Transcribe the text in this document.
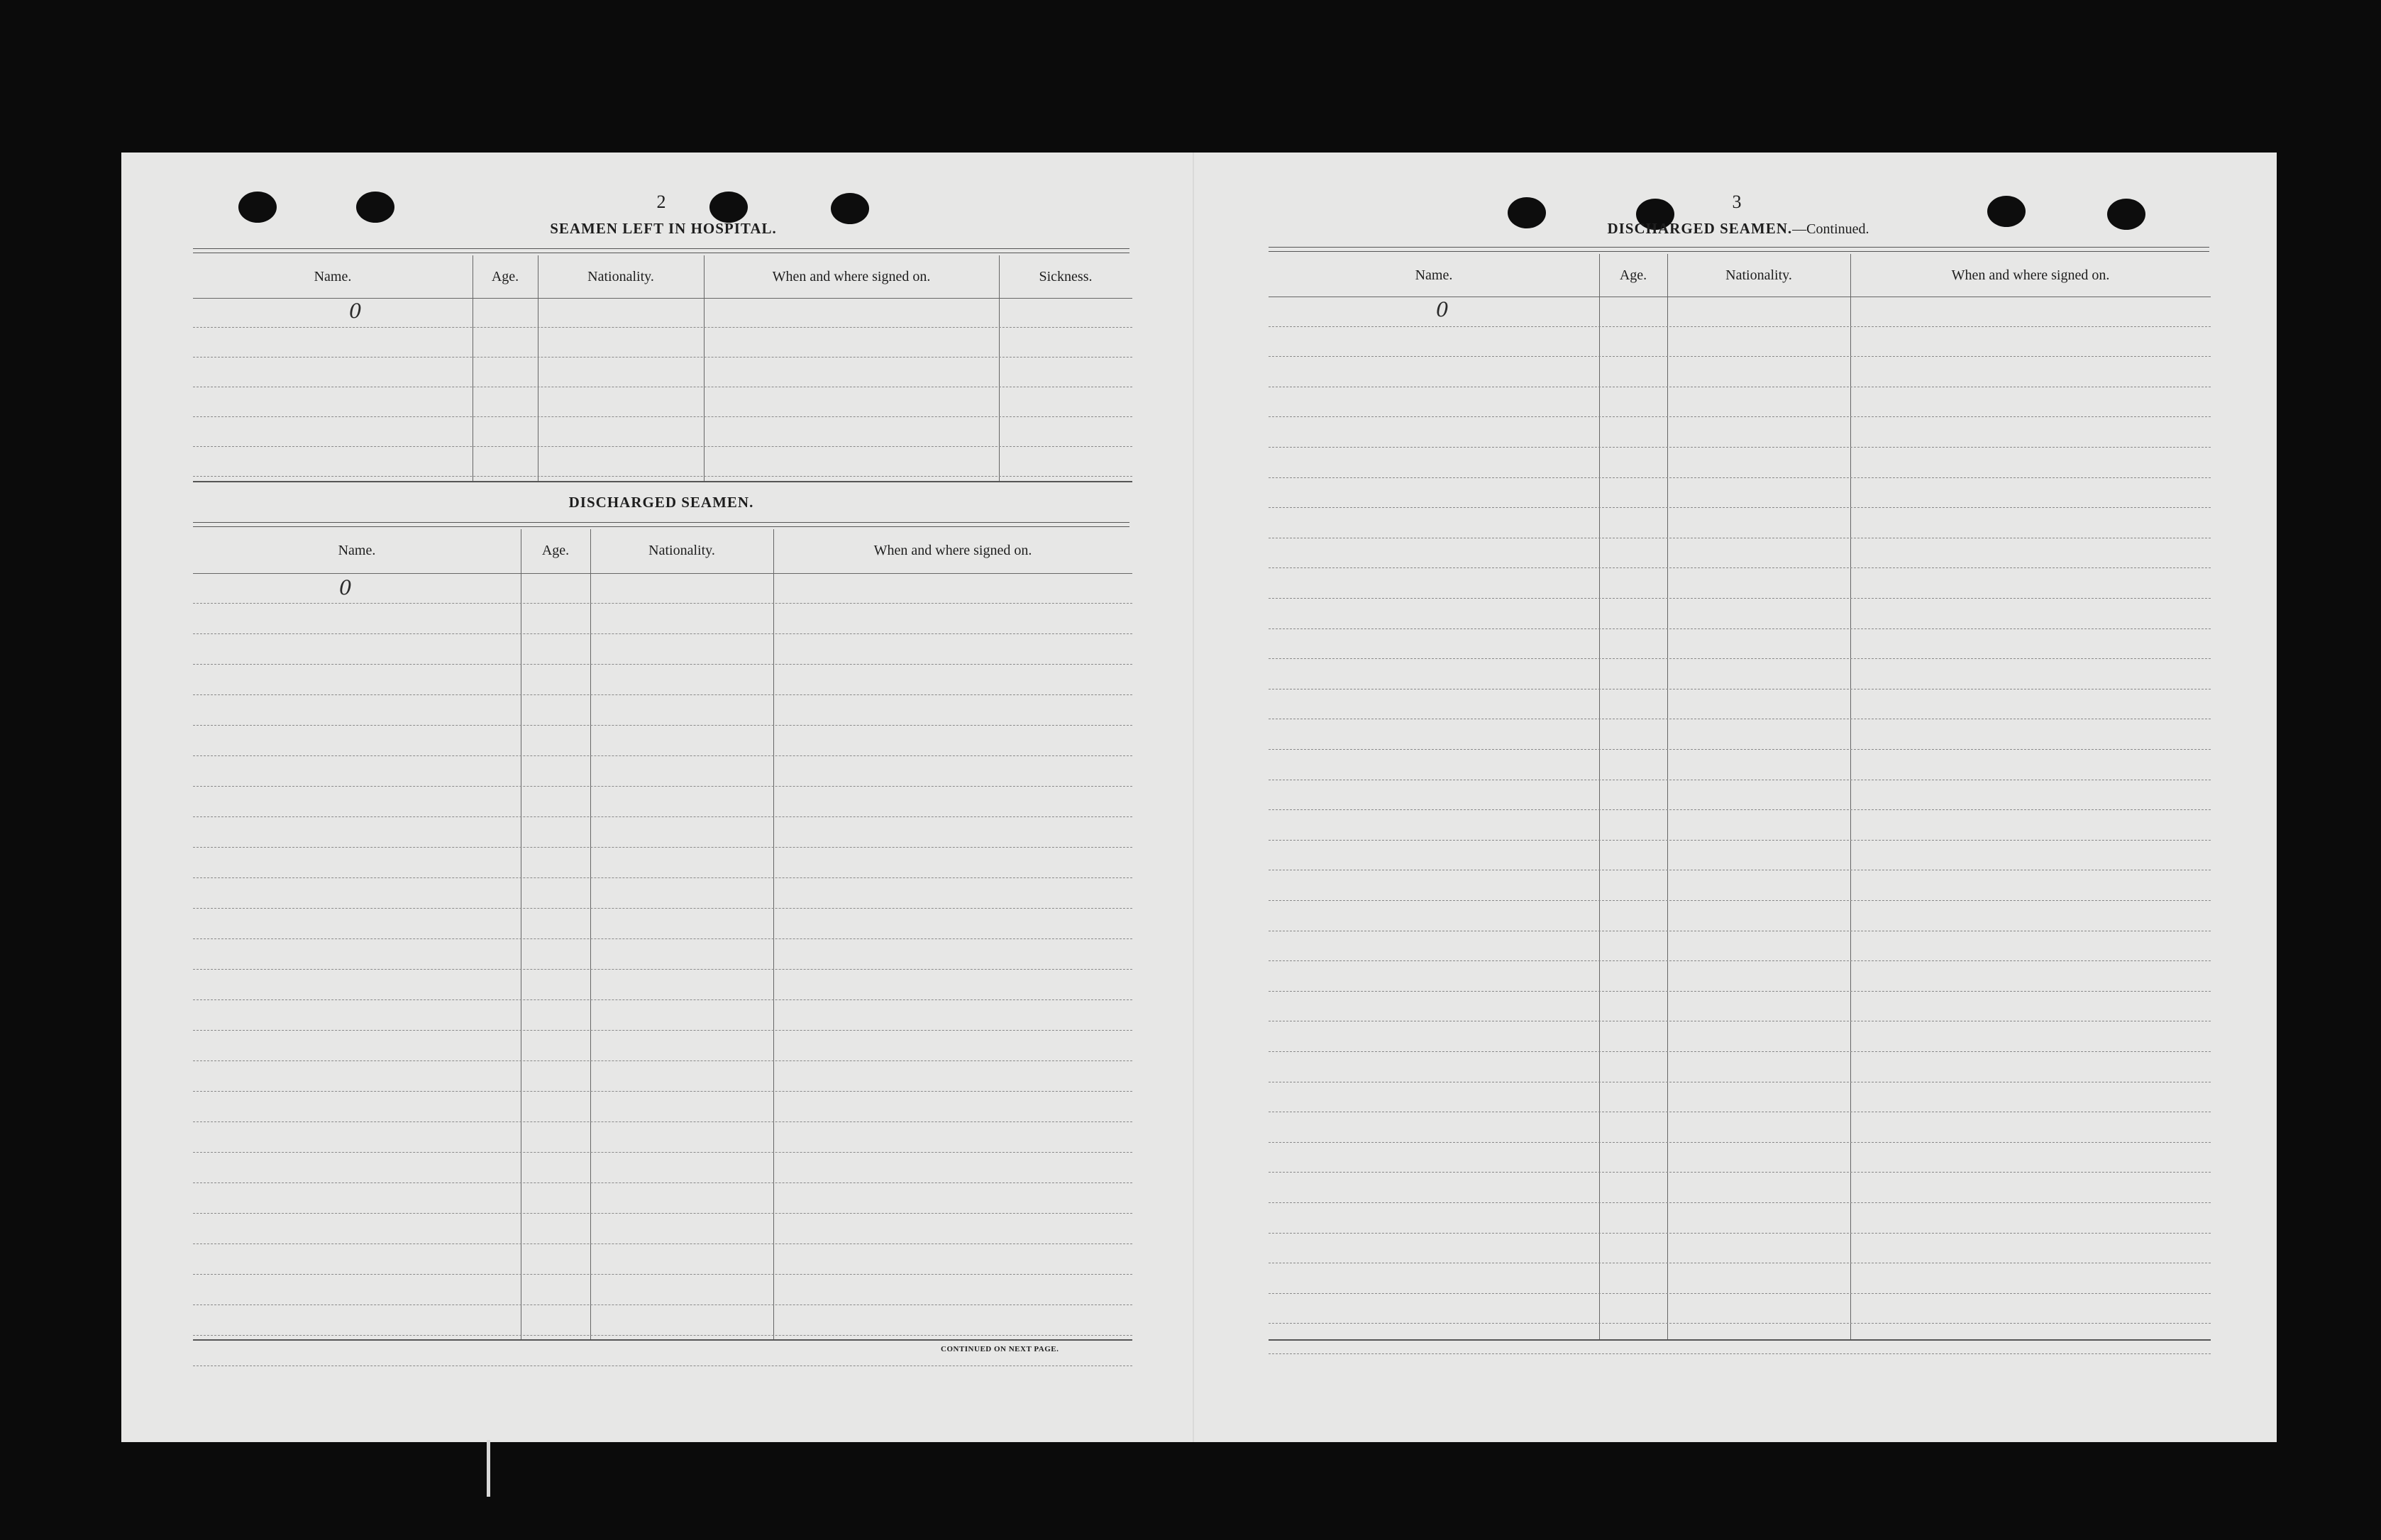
2
SEAMEN LEFT IN HOSPITAL.
Name.	Age.	Nationality.	When and where signed on.	Sickness.
0
DISCHARGED SEAMEN.
Name.	Age.	Nationality.	When and where signed on.
0
CONTINUED ON NEXT PAGE.
3
DISCHARGED SEAMEN.—Continued.
Name.	Age.	Nationality.	When and where signed on.
0
